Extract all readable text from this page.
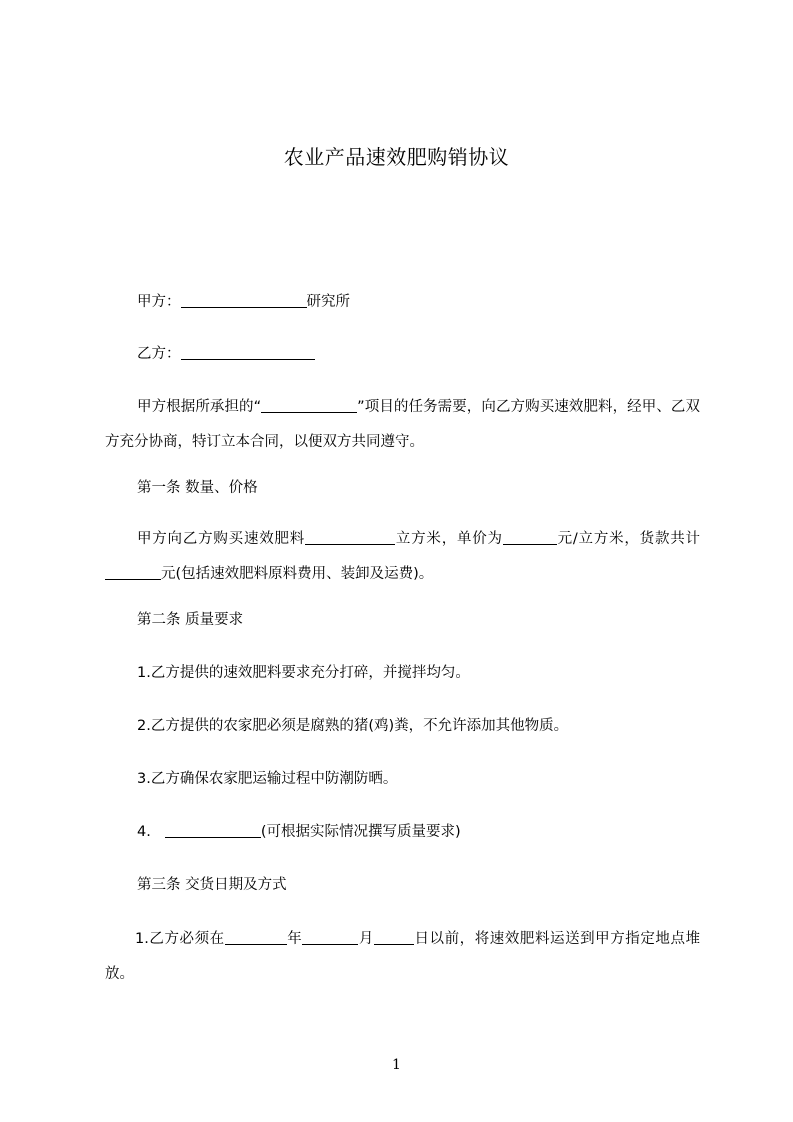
农业产品速效肥购销协议

甲方：	研究所

乙方：

甲方根据所承担的“	”项目的任务需要，向乙方购买速效肥料，经甲、乙双方充分协商，特订立本合同，以便双方共同遵守。

第一条 数量、价格

甲方向乙方购买速效肥料	立方米，单价为	元/立方米，货款共计元(包括速效肥料原料费用、装卸及运费)。

第二条 质量要求

1.乙方提供的速效肥料要求充分打碎，并搅拌均匀。

2.乙方提供的农家肥必须是腐熟的猪(鸡)粪，不允许添加其他物质。

3.乙方确保农家肥运输过程中防潮防晒。

4.	(可根据实际情况撰写质量要求)

第三条 交货日期及方式

1.乙方必须在	年	月	日以前，将速效肥料运送到甲方指定地点堆放。

1
